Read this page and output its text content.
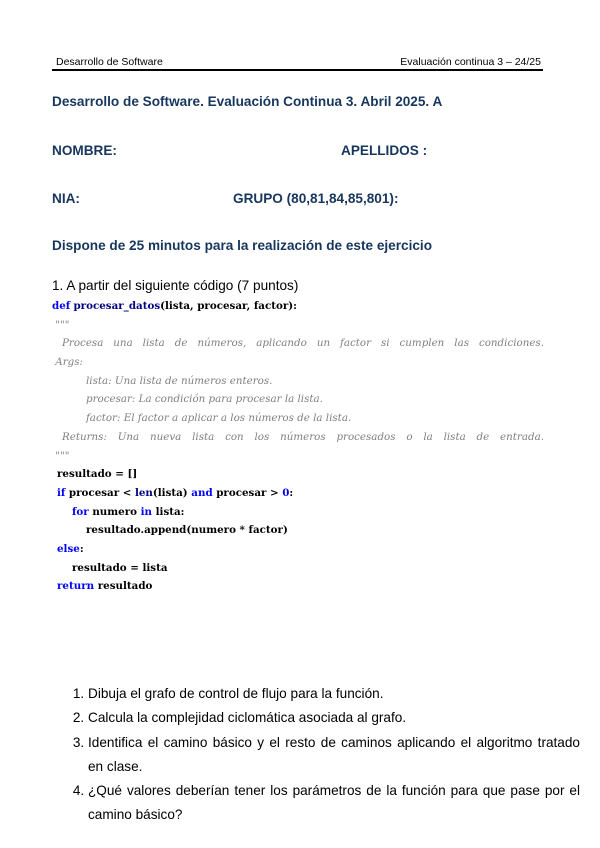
Desarrollo de Software	Evaluación continua 3 – 24/25
Desarrollo de Software. Evaluación Continua 3. Abril 2025. A
NOMBRE:	APELLIDOS :
NIA:	GRUPO (80,81,84,85,801):
Dispone de 25 minutos para la realización de este ejercicio
1. A partir del siguiente código (7 puntos)
def procesar_datos(lista, procesar, factor):
"""
Procesa una lista de números, aplicando un factor si cumplen las condiciones.
Args:
lista: Una lista de números enteros.
procesar: La condición para procesar la lista.
factor: El factor a aplicar a los números de la lista.
Returns: Una nueva lista con los números procesados o la lista de entrada.
"""
resultado = []
if procesar < len(lista) and procesar > 0:
for numero in lista:
resultado.append(numero * factor)
else:
resultado = lista
return resultado
1. Dibuja el grafo de control de flujo para la función.
2. Calcula la complejidad ciclomática asociada al grafo.
3. Identifica el camino básico y el resto de caminos aplicando el algoritmo tratado en clase.
4. ¿Qué valores deberían tener los parámetros de la función para que pase por el camino básico?
